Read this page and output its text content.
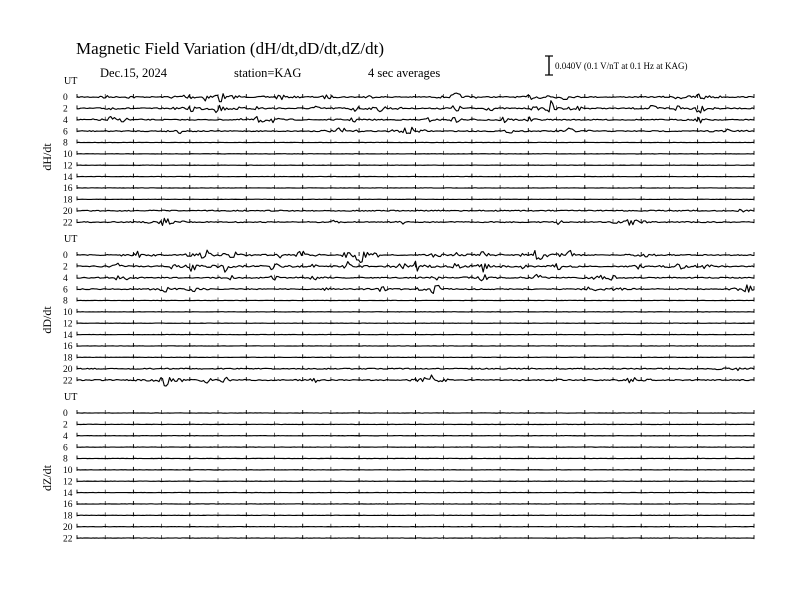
Magnetic Field Variation (dH/dt,dD/dt,dZ/dt)
Dec.15, 2024	station=KAG	4 sec averages	0.040V (0.1 V/nT at 0.1 Hz at KAG)
UT
dH/dt
0
2
4
6
8
10
12
14
16
18
20
22
UT
dD/dt
0
2
4
6
8
10
12
14
16
18
20
22
UT
dZ/dt
0
2
4
6
8
10
12
14
16
18
20
22
